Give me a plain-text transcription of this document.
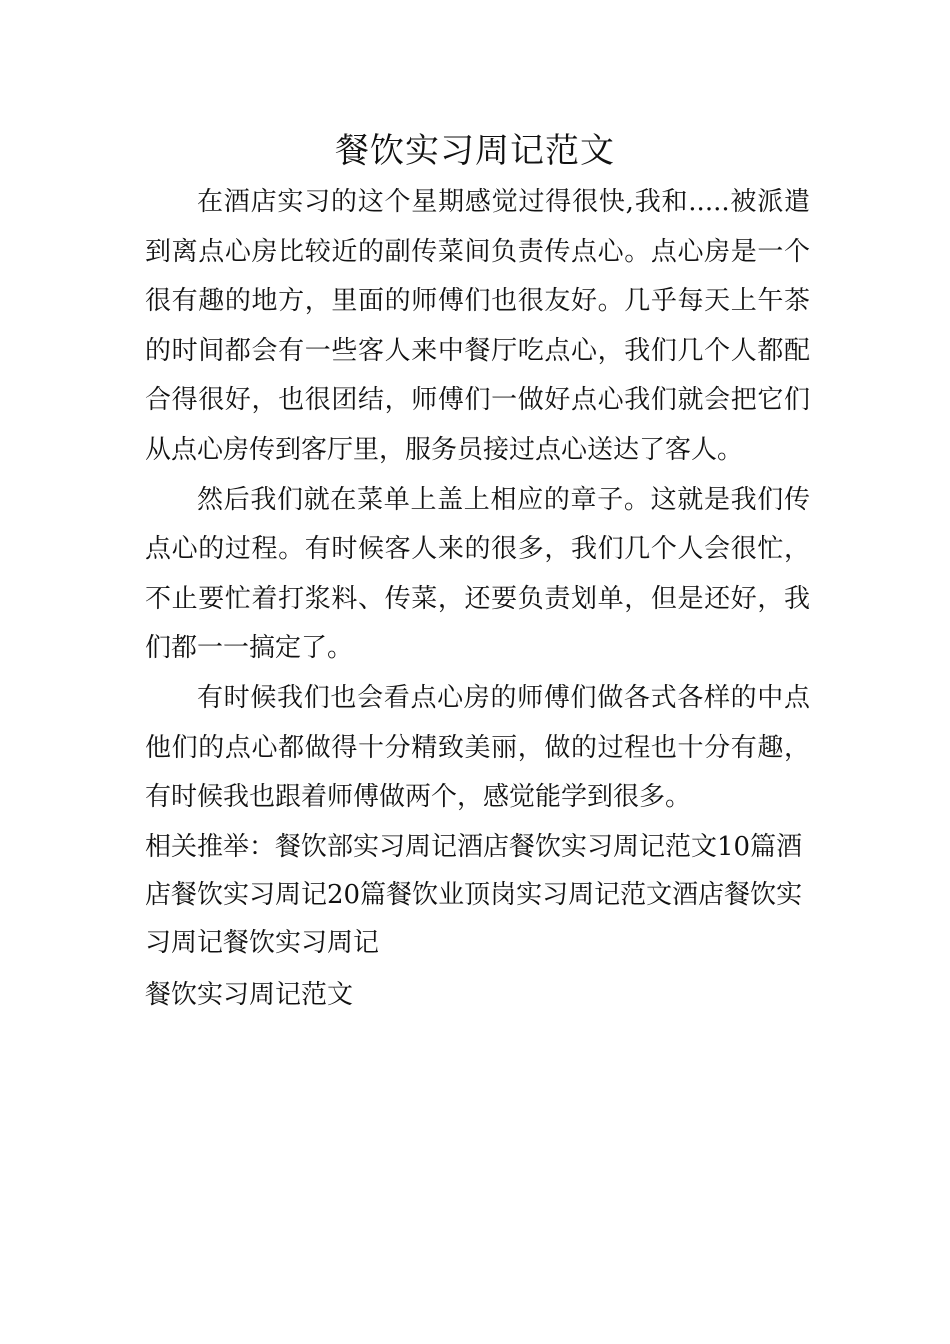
餐饮实习周记范文

在酒店实习的这个星期感觉过得很快,我和.....被派遣到离点心房比较近的副传菜间负责传点心。点心房是一个很有趣的地方，里面的师傅们也很友好。几乎每天上午茶的时间都会有一些客人来中餐厅吃点心，我们几个人都配合得很好，也很团结，师傅们一做好点心我们就会把它们从点心房传到客厅里，服务员接过点心送达了客人。

然后我们就在菜单上盖上相应的章子。这就是我们传点心的过程。有时候客人来的很多，我们几个人会很忙，不止要忙着打浆料、传菜，还要负责划单，但是还好，我们都一一搞定了。

有时候我们也会看点心房的师傅们做各式各样的中点他们的点心都做得十分精致美丽，做的过程也十分有趣，有时候我也跟着师傅做两个，感觉能学到很多。

相关推举：餐饮部实习周记酒店餐饮实习周记范文10篇酒店餐饮实习周记20篇餐饮业顶岗实习周记范文酒店餐饮实习周记餐饮实习周记

餐饮实习周记范文
